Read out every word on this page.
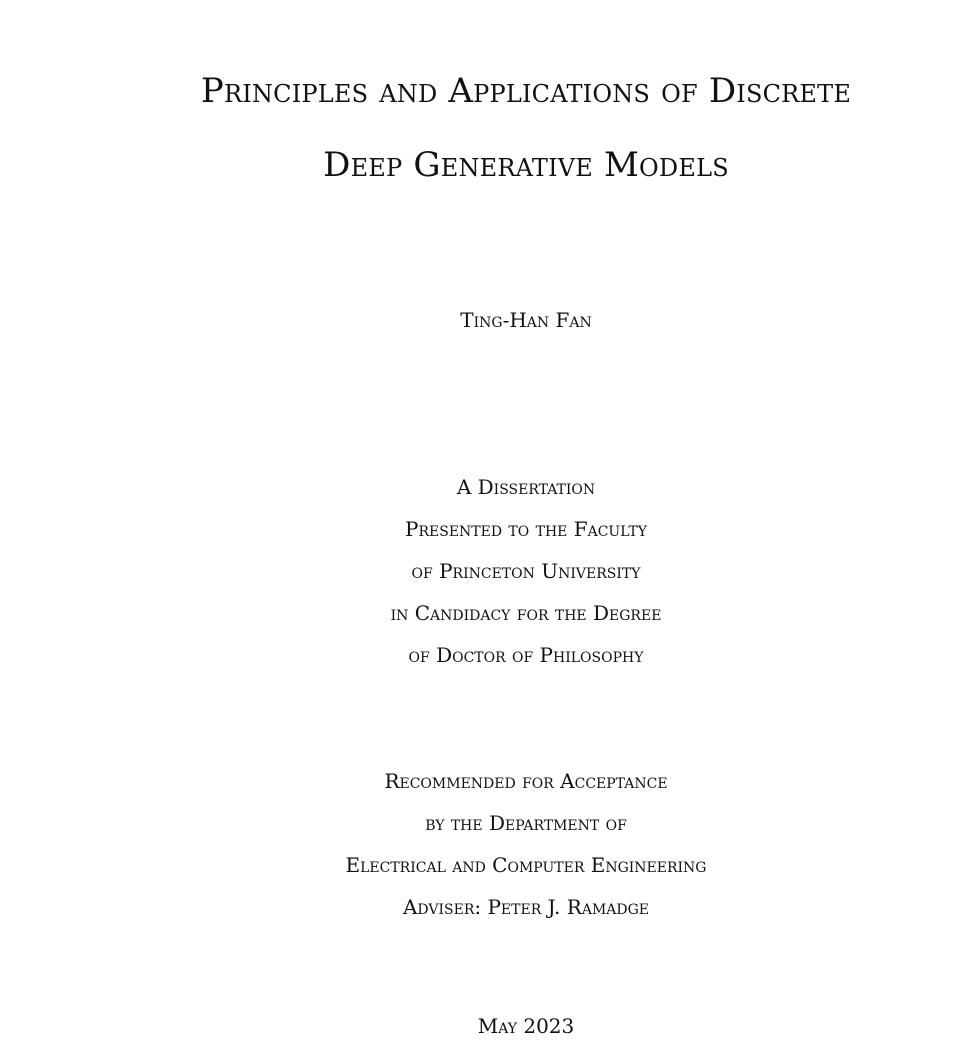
Principles and Applications of Discrete
Deep Generative Models
Ting-Han Fan
A Dissertation
Presented to the Faculty
of Princeton University
in Candidacy for the Degree
of Doctor of Philosophy
Recommended for Acceptance
by the Department of
Electrical and Computer Engineering
Adviser: Peter J. Ramadge
May 2023
